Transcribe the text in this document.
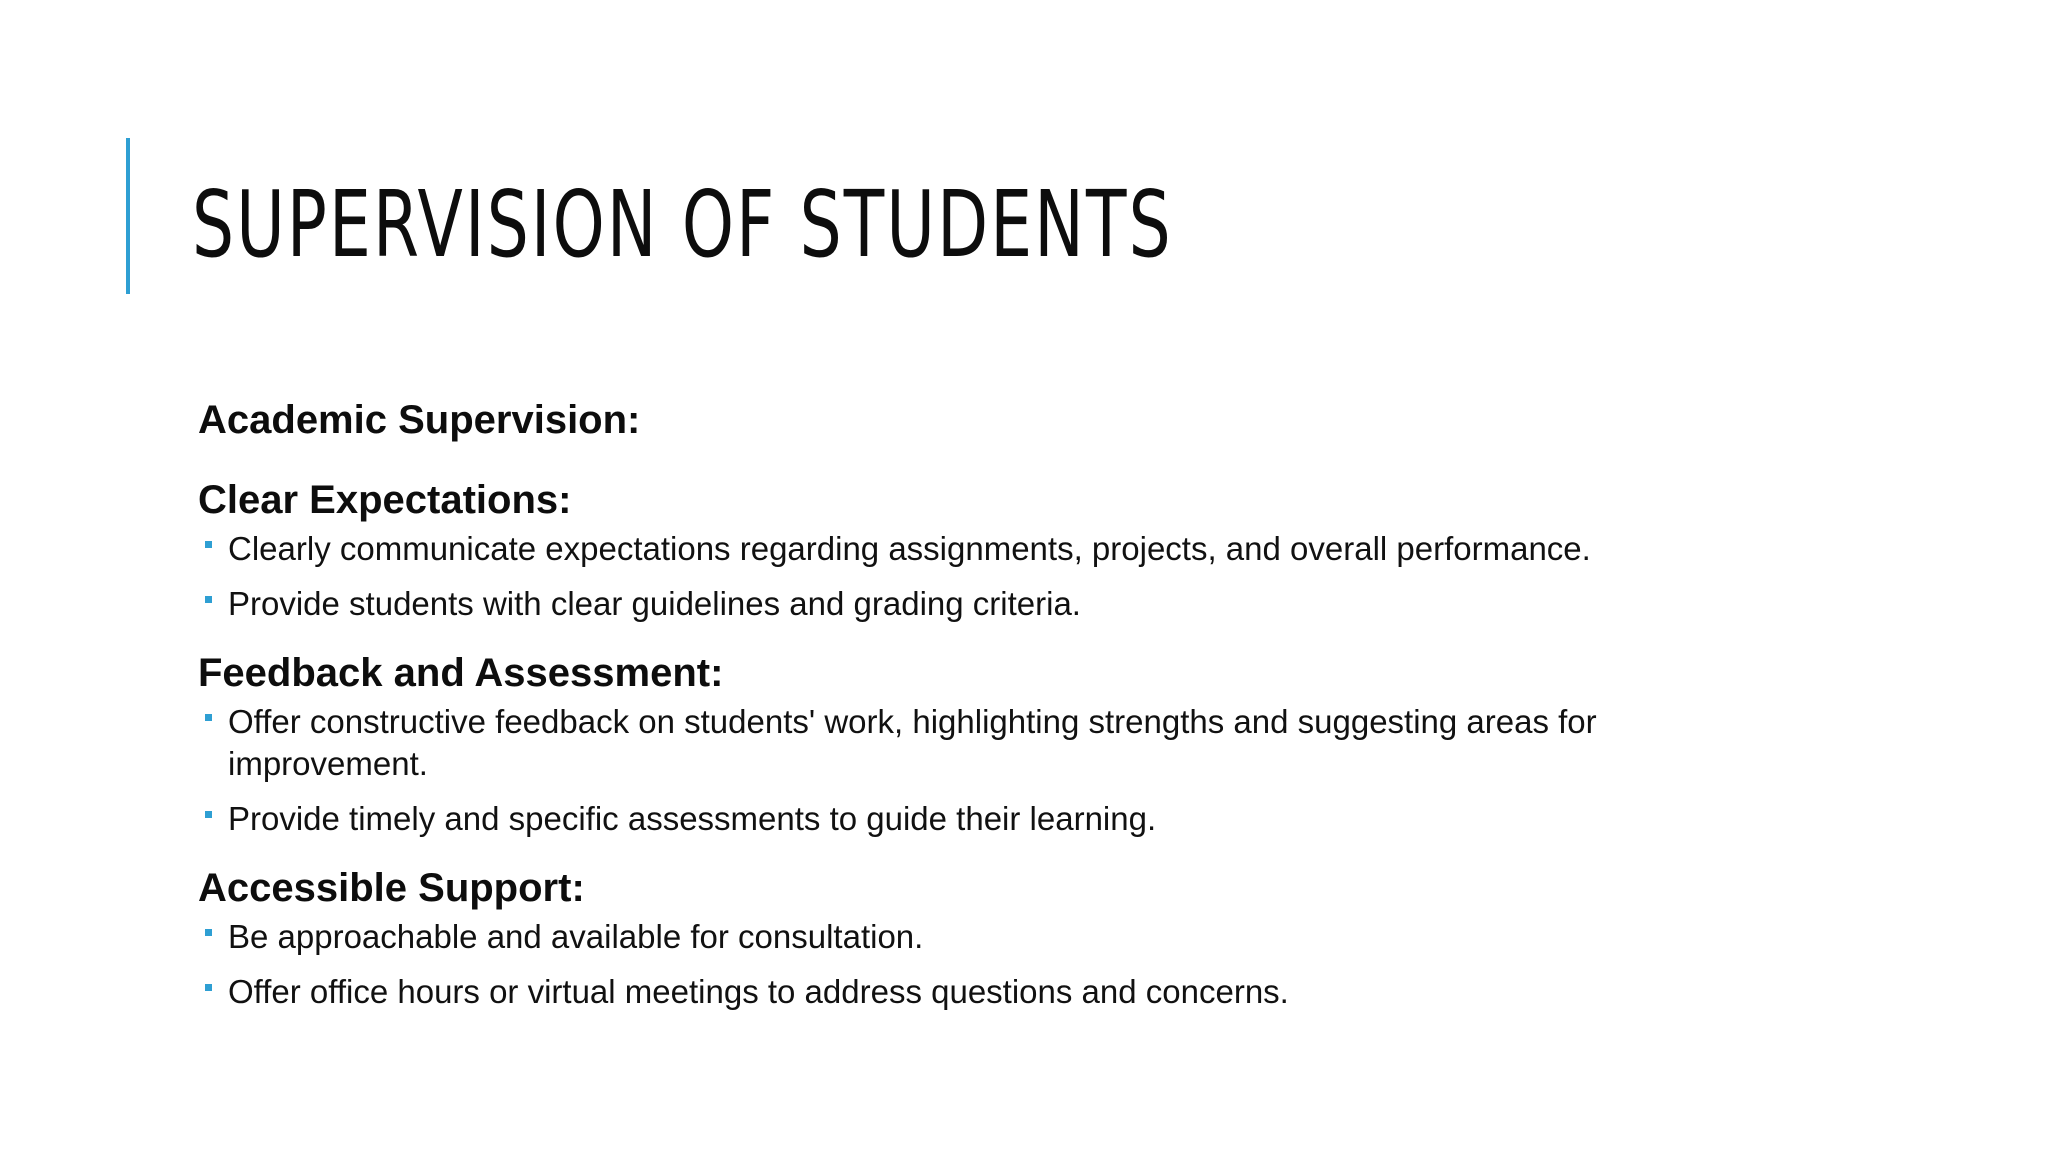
SUPERVISION OF STUDENTS
Academic Supervision:
Clear Expectations:
Clearly communicate expectations regarding assignments, projects, and overall performance.
Provide students with clear guidelines and grading criteria.
Feedback and Assessment:
Offer constructive feedback on students' work, highlighting strengths and suggesting areas for improvement.
Provide timely and specific assessments to guide their learning.
Accessible Support:
Be approachable and available for consultation.
Offer office hours or virtual meetings to address questions and concerns.
